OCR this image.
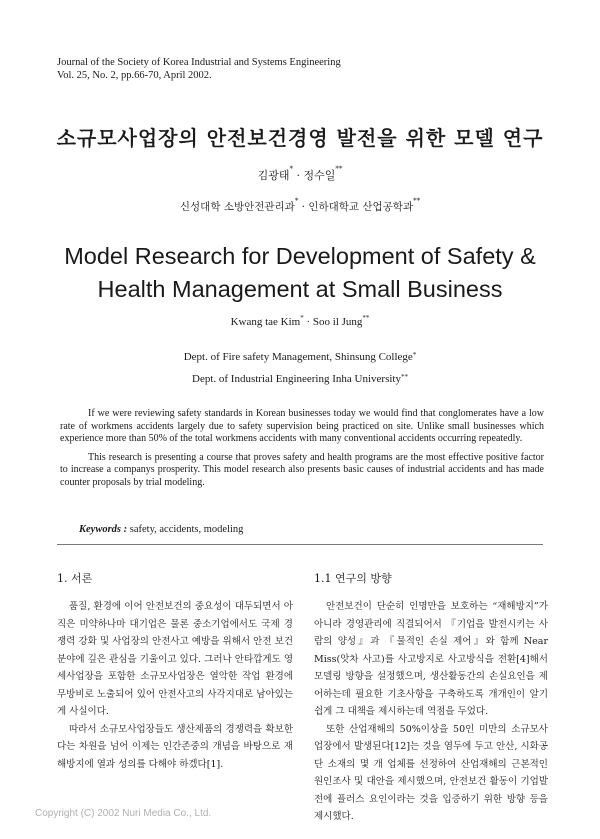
Journal of the Society of Korea Industrial and Systems Engineering
Vol. 25, No. 2, pp.66-70, April 2002.
소규모사업장의 안전보건경영 발전을 위한 모델 연구
김광태* · 정수일**
신성대학 소방안전관리과* · 인하대학교 산업공학과**
Model Research for Development of Safety &
Health Management at Small Business
Kwang tae Kim* · Soo il Jung**
Dept. of Fire safety Management, Shinsung College*
Dept. of Industrial Engineering Inha University**

If we were reviewing safety standards in Korean businesses today we would find that conglomerates have a low rate of workmens accidents largely due to safety supervision being practiced on site. Unlike small businesses which experience more than 50% of the total workmens accidents with many conventional accidents occurring repeatedly.

This research is presenting a course that proves safety and health programs are the most effective positive factor to increase a companys prosperity. This model research also presents basic causes of industrial accidents and has made counter proposals by trial modeling.

Keywords : safety, accidents, modeling
1. 서론

품질, 환경에 이어 안전보건의 중요성이 대두되면서 아직은 미약하나마 대기업은 물론 중소기업에서도 국제 경쟁력 강화 및 사업장의 안전사고 예방을 위해서 안전 보건분야에 깊은 관심을 기울이고 있다. 그러나 안타깝게도 영세사업장을 포함한 소규모사업장은 열악한 작업 환경에 무방비로 노출되어 있어 안전사고의 사각지대로 남아있는 게 사실이다.

따라서 소규모사업장들도 생산제품의 경쟁력을 확보한다는 차원을 넘어 이제는 인간존중의 개념을 바탕으로 재해방지에 열과 성의를 다해야 하겠다[1].

1.1 연구의 방향

안전보건이 단순히 인명만을 보호하는 “재해방지”가 아니라 경영관리에 직결되어서 『기업을 발전시키는 사람의 양성』과 『물적인 손실 제어』와 함께 Near Miss(앗차 사고)를 사고방지로 사고방식을 전환[4]해서 모델링 방향을 설정했으며, 생산활동간의 손실요인을 제어하는데 필요한 기초사항을 구축하도록 개개인이 알기 쉽게 그 대책을 제시하는데 역점을 두었다.

또한 산업재해의 50%이상을 50인 미만의 소규모사업장에서 발생된다[12]는 것을 염두에 두고 안산, 시화공단 소재의 몇 개 업체를 선정하여 산업재해의 근본적인 원인조사 및 대안을 제시했으며, 안전보건 활동이 기업발전에 플러스 요인이라는 것을 입증하기 위한 방향 등을 제시했다.

Copyright (C) 2002 Nuri Media Co., Ltd.
